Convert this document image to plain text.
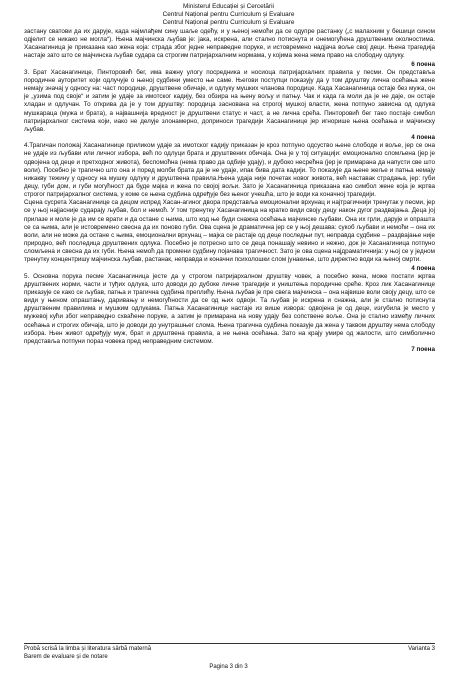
Ministerul Educației și Cercetării
Centrul Național pentru Curriculum și Evaluare
Centrul Național pentru Curriculum și Evaluare

застану сватови да их дарује, када најмлађем сину шаље одећу, и у њеној немоћи да се одупре растанку („с малахним у бешици сином одјелит се никако не могла“). Њена мајчинска љубав је: јака, искрена, али стално потиснута и онемогућена друштвеним околностима. Хасанагиница је приказана као жена која: страда због једне неправедне поруке, и истовремено надјача воље свој деци. Њена трагедија настаје зато што се мајчинска љубав судара са строгим патријархалним нормама, у којима жена нема право на слободну одлуку.
6 поена

3. Брат Хасанагинице, Пинторовић бег, има важну улогу посредника и носиоца патријархалних правила у песми. Он представља породичне ауторитет који одлучује о њеној судбини уместо ње саме. Његови поступци показују да у том друштву лична осећања жене немају значај у односу на: част породице, друштвене обичаје, и одлуку мушких чланова породице. Када Хасанагиница остаје без мужа, он је „узима под своје“ и затим је удаје за имотског кадију, без обзира на њену вољу и патњу. Чак и када га моли да је не даје, он остаје хладан и одлучан. То открива да је у том друштву: породица заснована на строгој мушкој власти, жена потпуно зависна од одлука мушкараца (мужа и брата), а највашнија вредност је друштвени статус и част, а не лична срећа. Пинторовић бег тако постаје симбол патријархалног система који, иако не делује злонамерно, доприноси трагедији Хасанагинице јер игнорише њена осећања и мајчинску љубав.
4 поена

4.Трагичан положај Хасанагинице приликом удаје за имотског кадију приказан је кроз потпуно одсуство њене слободе и воље, јер се она не удаје из љубави или личног избора, већ по одлуци брата и друштвених обичаја. Она је у тој ситуацији: емоционално сломљена (јер је одвојена од деце и претходног живота), беспомоћна (нема право да одбије удају), и дубоко несрећна (јер је примарана да напусти све што воли). Посебно је трагично што она и поред молби брата да је не удаје, ипак бива дата кадији. То показује да њене жеље и патња немају никакву тежину у односу на мушку одлуку и друштвена правила.Њена удаја није почетак новог живота, већ наставак страдања, јер: губи децу, губи дом, и губи могућност да буде мајка и жена по својој вољи. Зато је Хасанагиница приказана као симбол жене која је жртва строгог патријархалног система, у коме се њена судбина одређује без њеног учешћа, што је води ка коначној трагедији.

Сцена сусрета Хасанагинице са децом испред Хасан-агиног двора представља емоционални врхунац и најтрагичнији тренутак у песми, јер се у њој најјасније сударају љубав, бол и немоћ. У том тренутку Хасанагиница на кратко види своју децу након дугог раздвајања. Деца јој прилазе и моле је да им се врати и да остане с њима, што код ње буди снажна осећања мајчинске љубави. Она их грли, дарује и опрашта се са њима, али је истовремено свесна да их поново губи. Ова сцена је драматична јер се у њој дешава: сукоб љубави и немоћи – она их воли, али не може да остане с њима, емоционални врхунац – мајка се растаје од деце последњи пут, неправда судбине – раздвајање није природно, већ последица друштвених одлука. Посебно је потресно што се деца понашају невино и нежно, док је Хасанагиница потпуно сломљена и свесна да их губи. Њена немоћ да промени судбину појачава трагичност. Зато је ова сцена најдраматичнија: у њој се у једном тренутку концентришу мајчинска љубав, растанак, неправда и коначни психолошки слом јунакиње, што директно води ка њеној смрти.
4 поена

5. Основна порука песме Хасанагиница јесте да у строгом патријархалном друштву човек, а посебно жена, може постати жртва друштвених норми, части и туђих одлука, што доводи до дубоке личне трагедије и уништења породичне среће. Кроз лик Хасанагинице приказује се како се љубав, патња и трагична судбина преплићу. Њена љубав је пре свега мајчинска – она највише воли своју децу, што се види у њеном опраштању, даривању и немогућности да се од њих одвоји. Та љубав је искрена и снажна, али је стално потиснута друштвеним правилима и мушким одлукама. Патња Хасанагинице настаје из више извора: одвојена је од деце, изгубила је место у мужевој кући због неправедно схваћене поруке, а затим је примарана на нову удају без сопствене воље. Она је стално између личних осећања и строгих обичаја, што је доводи до унутрашњег слома. Њена трагична судбина показује да жена у таквом друштву нема слободу избора. Њен живот одређују муж, брат и друштвена правила, а не њена осећања. Зато на крају умире од жалости, што симболично представља потпуни пораз човека пред неправедним системом.
7 поена

Probă scrisă la limba și literatura sârbă maternă	Varianta 3
Barem de evaluare și de notare
Pagina 3 din 3
